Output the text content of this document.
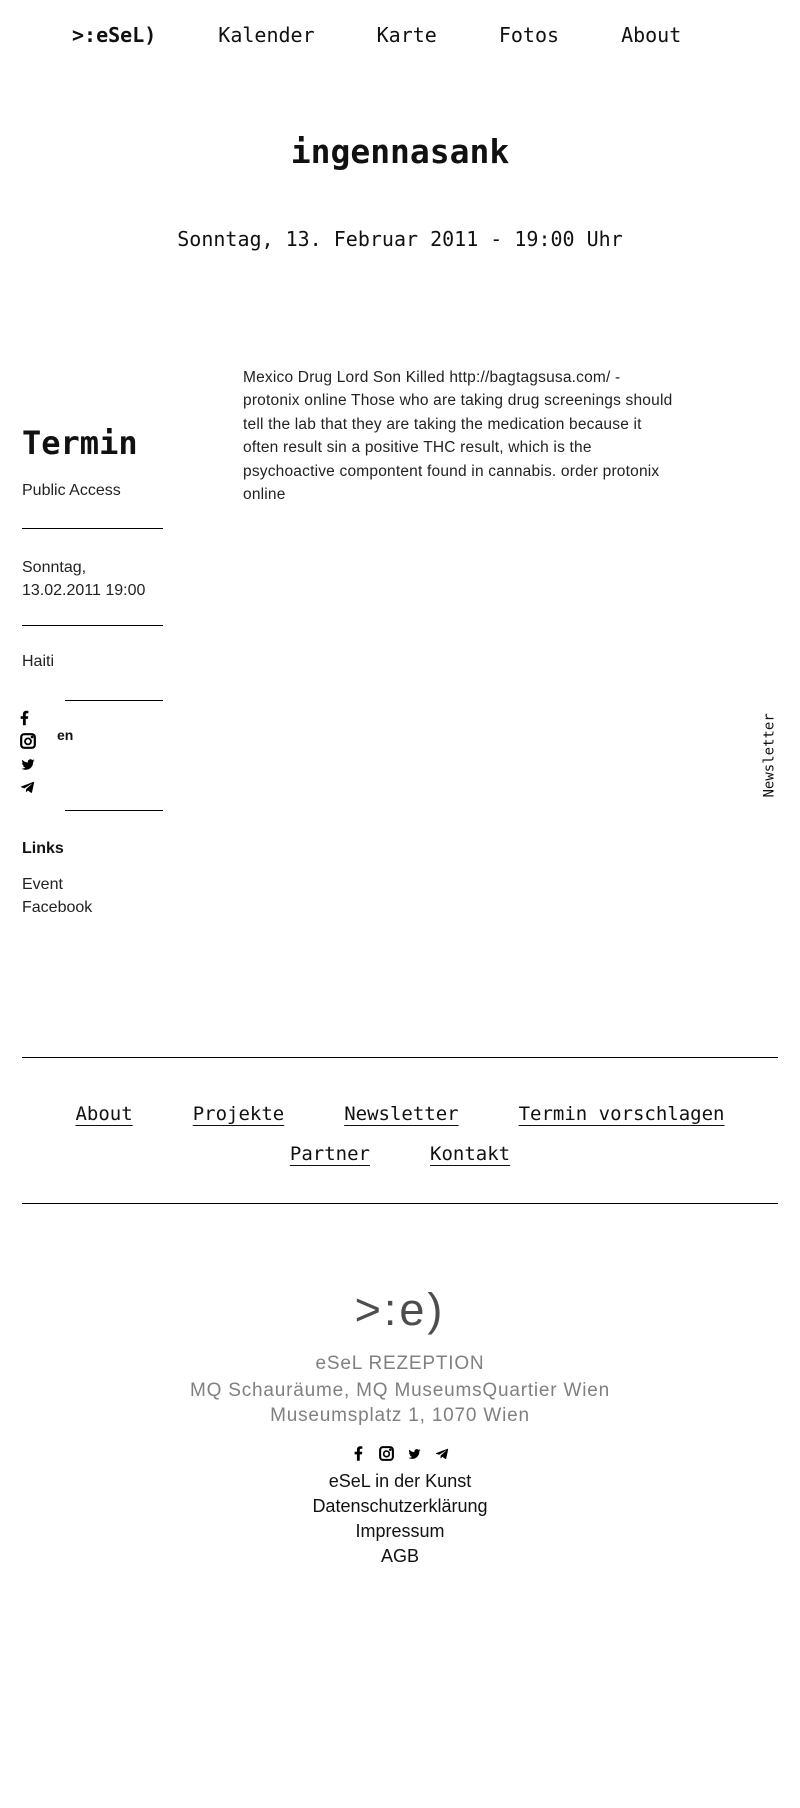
>:eSeL)	Kalender	Karte	Fotos	About
ingennasank
Sonntag, 13. Februar 2011 - 19:00 Uhr
Termin
Public Access
Sonntag,
13.02.2011 19:00
Haiti
en
Links
Event
Facebook
Mexico Drug Lord Son Killed http://bagtagsusa.com/ - protonix online Those who are taking drug screenings should tell the lab that they are taking the medication because it often result sin a positive THC result, which is the psychoactive compontent found in cannabis. order protonix online
Newsletter
About	Projekte	Newsletter	Termin vorschlagen
Partner	Kontakt
>:e)
eSeL REZEPTION
MQ Schauräume, MQ MuseumsQuartier Wien
Museumsplatz 1, 1070 Wien
eSeL in der Kunst
Datenschutzerklärung
Impressum
AGB
